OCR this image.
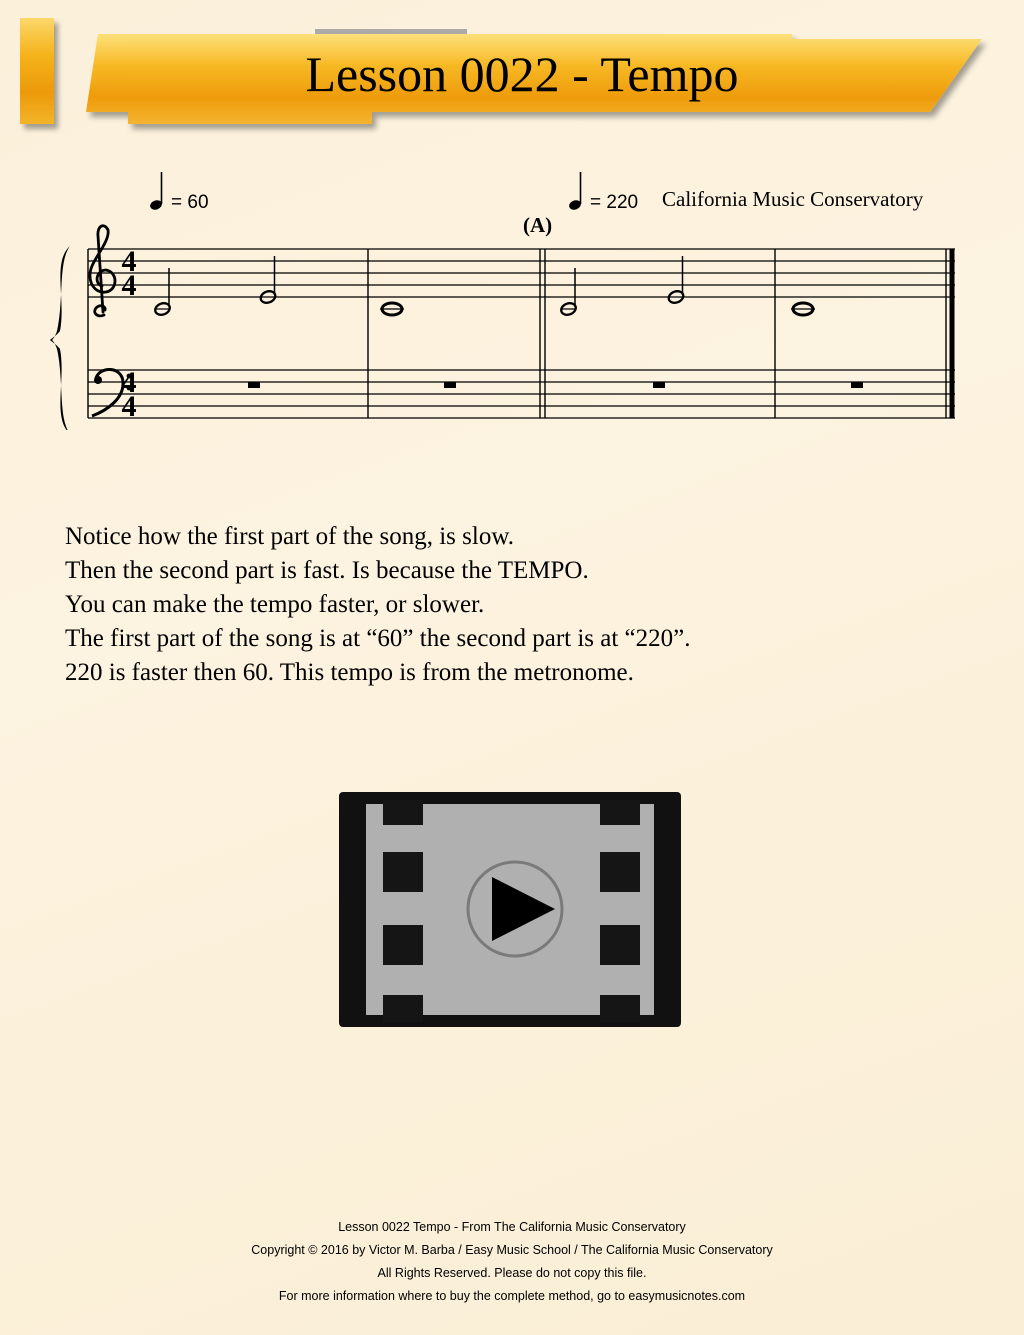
Lesson 0022 - Tempo
= 60	= 220
4
4
4
4
(A)
California Music Conservatory

Notice how the first part of the song, is slow.

Then the second part is fast. Is because the TEMPO.

You can make the tempo faster, or slower.

The first part of the song is at “60” the second part is at “220”.

220 is faster then 60. This tempo is from the metronome.

Lesson 0022 Tempo - From The California Music Conservatory

Copyright © 2016 by Victor M. Barba / Easy Music School / The California Music Conservatory

All Rights Reserved. Please do not copy this file.

For more information where to buy the complete method, go to easymusicnotes.com
